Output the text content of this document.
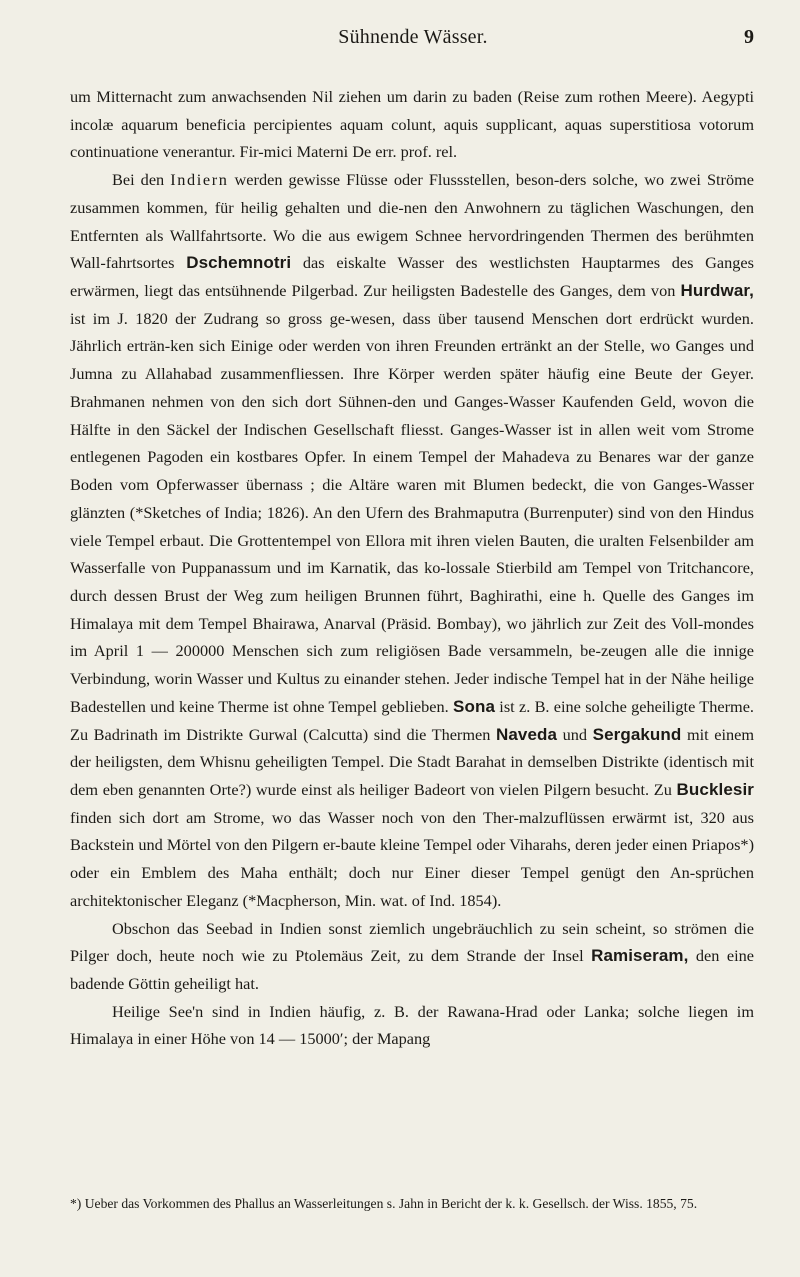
Sühnende Wässer.	9

um Mitternacht zum anwachsenden Nil ziehen um darin zu baden (Reise zum rothen Meere). Aegypti incolæ aquarum beneficia percipientes aquam colunt, aquis supplicant, aquas superstitiosa votorum continuatione venerantur. Fir-mici Materni De err. prof. rel.

Bei den Indiern werden gewisse Flüsse oder Flussstellen, beson-ders solche, wo zwei Ströme zusammen kommen, für heilig gehalten und die-nen den Anwohnern zu täglichen Waschungen, den Entfernten als Wallfahrtsorte. Wo die aus ewigem Schnee hervordringenden Thermen des berühmten Wall-fahrtsortes Dschemnotri das eiskalte Wasser des westlichsten Hauptarmes des Ganges erwärmen, liegt das entsühnende Pilgerbad. Zur heiligsten Badestelle des Ganges, dem von Hurdwar, ist im J. 1820 der Zudrang so gross ge-wesen, dass über tausend Menschen dort erdrückt wurden. Jährlich erträn-ken sich Einige oder werden von ihren Freunden ertränkt an der Stelle, wo Ganges und Jumna zu Allahabad zusammenfliessen. Ihre Körper werden später häufig eine Beute der Geyer. Brahmanen nehmen von den sich dort Sühnen-den und Ganges-Wasser Kaufenden Geld, wovon die Hälfte in den Säckel der Indischen Gesellschaft fliesst. Ganges-Wasser ist in allen weit vom Strome entlegenen Pagoden ein kostbares Opfer. In einem Tempel der Mahadeva zu Benares war der ganze Boden vom Opferwasser übernass ; die Altäre waren mit Blumen bedeckt, die von Ganges-Wasser glänzten (*Sketches of India; 1826). An den Ufern des Brahmaputra (Burrenputer) sind von den Hindus viele Tempel erbaut. Die Grottentempel von Ellora mit ihren vielen Bauten, die uralten Felsenbilder am Wasserfalle von Puppanassum und im Karnatik, das ko-lossale Stierbild am Tempel von Tritchancore, durch dessen Brust der Weg zum heiligen Brunnen führt, Baghirathi, eine h. Quelle des Ganges im Himalaya mit dem Tempel Bhairawa, Anarval (Präsid. Bombay), wo jährlich zur Zeit des Voll-mondes im April 1 — 200000 Menschen sich zum religiösen Bade versammeln, be-zeugen alle die innige Verbindung, worin Wasser und Kultus zu einander stehen. Jeder indische Tempel hat in der Nähe heilige Badestellen und keine Therme ist ohne Tempel geblieben. Sona ist z. B. eine solche geheiligte Therme. Zu Badrinath im Distrikte Gurwal (Calcutta) sind die Thermen Naveda und Sergakund mit einem der heiligsten, dem Whisnu geheiligten Tempel. Die Stadt Barahat in demselben Distrikte (identisch mit dem eben genannten Orte?) wurde einst als heiliger Badeort von vielen Pilgern besucht. Zu Bucklesir finden sich dort am Strome, wo das Wasser noch von den Ther-malzuflüssen erwärmt ist, 320 aus Backstein und Mörtel von den Pilgern er-baute kleine Tempel oder Viharahs, deren jeder einen Priapos*) oder ein Emblem des Maha enthält; doch nur Einer dieser Tempel genügt den An-sprüchen architektonischer Eleganz (*Macpherson, Min. wat. of Ind. 1854).

Obschon das Seebad in Indien sonst ziemlich ungebräuchlich zu sein scheint, so strömen die Pilger doch, heute noch wie zu Ptolemäus Zeit, zu dem Strande der Insel Ramiseram, den eine badende Göttin geheiligt hat.

Heilige See'n sind in Indien häufig, z. B. der Rawana-Hrad oder Lanka; solche liegen im Himalaya in einer Höhe von 14 — 15000′; der Mapang

*) Ueber das Vorkommen des Phallus an Wasserleitungen s. Jahn in Bericht der k. k. Gesellsch. der Wiss. 1855, 75.
